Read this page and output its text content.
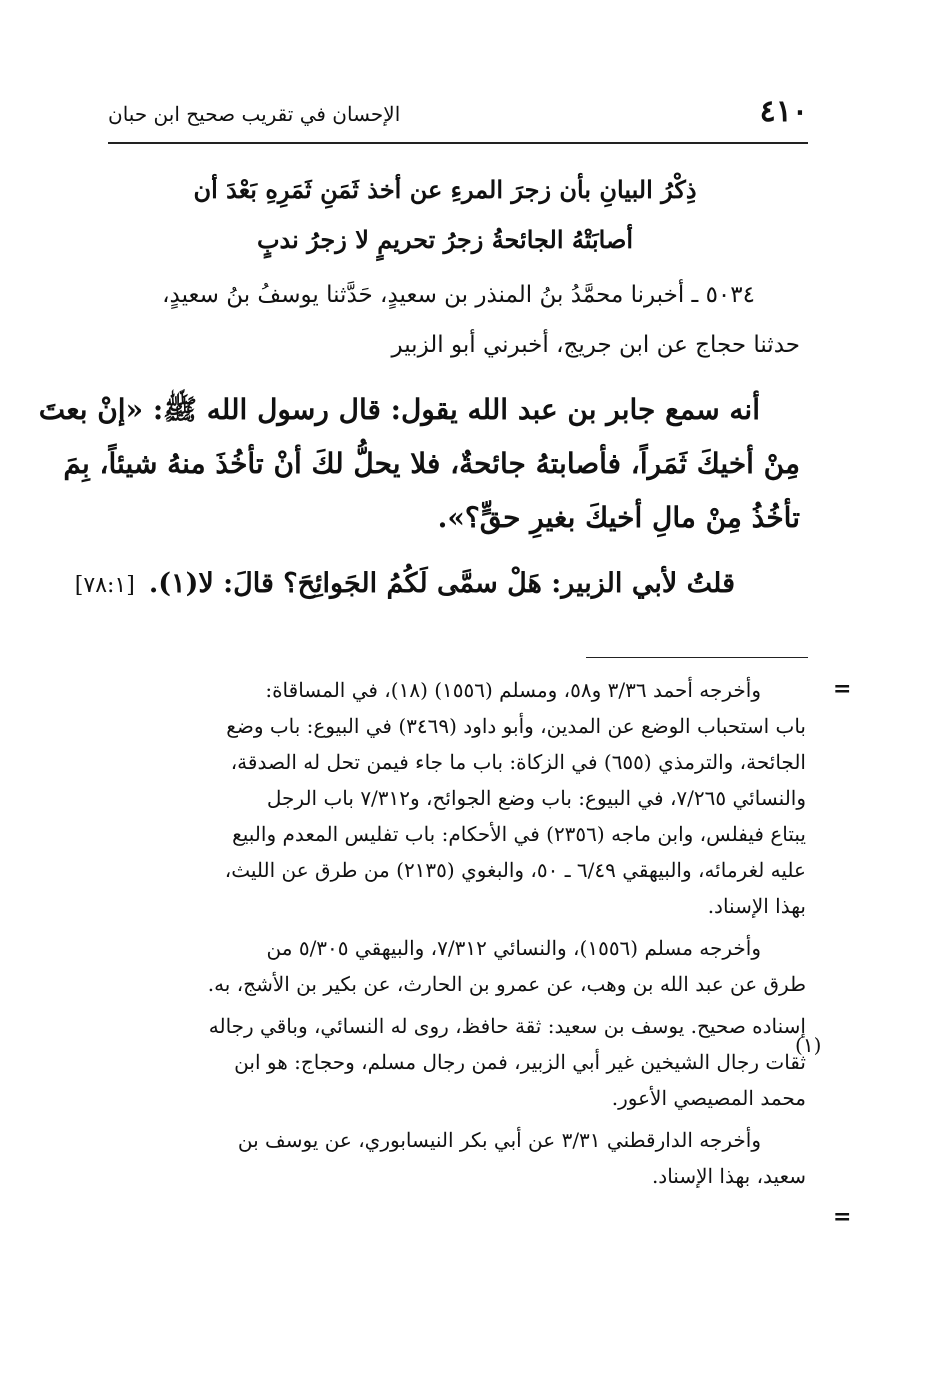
٤١٠
الإحسان في تقريب صحيح ابن حبان
ذِكْرُ البيانِ بأن زجرَ المرءِ عن أخذ ثَمَنِ ثَمَرِهِ بَعْدَ أن
أصابَتْهُ الجائحةُ زجرُ تحريمٍ لا زجرُ ندبٍ
٥٠٣٤ ـ أخبرنا محمَّدُ بنُ المنذر بن سعيدٍ، حَدَّثنا يوسفُ بنُ سعيدٍ،
حدثنا حجاج عن ابن جريج، أخبرني أبو الزبير
أنه سمع جابر بن عبد الله يقول: قال رسول الله ﷺ: «إنْ بعتَ
مِنْ أخيكَ ثَمَراً، فأصابتهُ جائحةٌ، فلا يحلُّ لكَ أنْ تأخُذَ منهُ شيئاً، بِمَ
تأخُذُ مِنْ مالِ أخيكَ بغيرِ حقٍّ؟».
قلتُ لأبي الزبير: هَلْ سمَّى لَكُمُ الجَوائِحَ؟ قالَ: لا(١).[٧٨:١]
=
(١)
=
وأخرجه أحمد ٣/٣٦ و٥٨، ومسلم (١٥٥٦) (١٨)، في المساقاة:
باب استحباب الوضع عن المدين، وأبو داود (٣٤٦٩) في البيوع: باب وضع
الجائحة، والترمذي (٦٥٥) في الزكاة: باب ما جاء فيمن تحل له الصدقة،
والنسائي ٧/٢٦٥، في البيوع: باب وضع الجوائح، و٧/٣١٢ باب الرجل
يبتاع فيفلس، وابن ماجه (٢٣٥٦) في الأحكام: باب تفليس المعدم والبيع
عليه لغرمائه، والبيهقي ٦/٤٩ ـ ٥٠، والبغوي (٢١٣٥) من طرق عن الليث،
بهذا الإسناد.
وأخرجه مسلم (١٥٥٦)، والنسائي ٧/٣١٢، والبيهقي ٥/٣٠٥ من
طرق عن عبد الله بن وهب، عن عمرو بن الحارث، عن بكير بن الأشج، به.
إسناده صحيح. يوسف بن سعيد: ثقة حافظ، روى له النسائي، وباقي رجاله
ثقات رجال الشيخين غير أبي الزبير، فمن رجال مسلم، وحجاج: هو ابن
محمد المصيصي الأعور.
وأخرجه الدارقطني ٣/٣١ عن أبي بكر النيسابوري، عن يوسف بن
سعيد، بهذا الإسناد.
